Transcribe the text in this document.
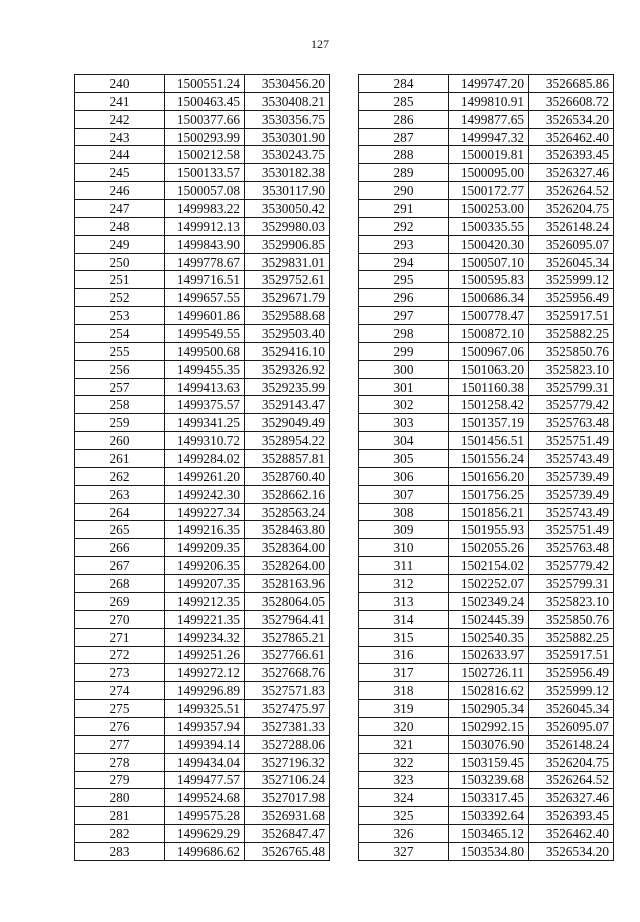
127
240	1500551.24	3530456.20
241	1500463.45	3530408.21
242	1500377.66	3530356.75
243	1500293.99	3530301.90
244	1500212.58	3530243.75
245	1500133.57	3530182.38
246	1500057.08	3530117.90
247	1499983.22	3530050.42
248	1499912.13	3529980.03
249	1499843.90	3529906.85
250	1499778.67	3529831.01
251	1499716.51	3529752.61
252	1499657.55	3529671.79
253	1499601.86	3529588.68
254	1499549.55	3529503.40
255	1499500.68	3529416.10
256	1499455.35	3529326.92
257	1499413.63	3529235.99
258	1499375.57	3529143.47
259	1499341.25	3529049.49
260	1499310.72	3528954.22
261	1499284.02	3528857.81
262	1499261.20	3528760.40
263	1499242.30	3528662.16
264	1499227.34	3528563.24
265	1499216.35	3528463.80
266	1499209.35	3528364.00
267	1499206.35	3528264.00
268	1499207.35	3528163.96
269	1499212.35	3528064.05
270	1499221.35	3527964.41
271	1499234.32	3527865.21
272	1499251.26	3527766.61
273	1499272.12	3527668.76
274	1499296.89	3527571.83
275	1499325.51	3527475.97
276	1499357.94	3527381.33
277	1499394.14	3527288.06
278	1499434.04	3527196.32
279	1499477.57	3527106.24
280	1499524.68	3527017.98
281	1499575.28	3526931.68
282	1499629.29	3526847.47
283	1499686.62	3526765.48
284	1499747.20	3526685.86
285	1499810.91	3526608.72
286	1499877.65	3526534.20
287	1499947.32	3526462.40
288	1500019.81	3526393.45
289	1500095.00	3526327.46
290	1500172.77	3526264.52
291	1500253.00	3526204.75
292	1500335.55	3526148.24
293	1500420.30	3526095.07
294	1500507.10	3526045.34
295	1500595.83	3525999.12
296	1500686.34	3525956.49
297	1500778.47	3525917.51
298	1500872.10	3525882.25
299	1500967.06	3525850.76
300	1501063.20	3525823.10
301	1501160.38	3525799.31
302	1501258.42	3525779.42
303	1501357.19	3525763.48
304	1501456.51	3525751.49
305	1501556.24	3525743.49
306	1501656.20	3525739.49
307	1501756.25	3525739.49
308	1501856.21	3525743.49
309	1501955.93	3525751.49
310	1502055.26	3525763.48
311	1502154.02	3525779.42
312	1502252.07	3525799.31
313	1502349.24	3525823.10
314	1502445.39	3525850.76
315	1502540.35	3525882.25
316	1502633.97	3525917.51
317	1502726.11	3525956.49
318	1502816.62	3525999.12
319	1502905.34	3526045.34
320	1502992.15	3526095.07
321	1503076.90	3526148.24
322	1503159.45	3526204.75
323	1503239.68	3526264.52
324	1503317.45	3526327.46
325	1503392.64	3526393.45
326	1503465.12	3526462.40
327	1503534.80	3526534.20
